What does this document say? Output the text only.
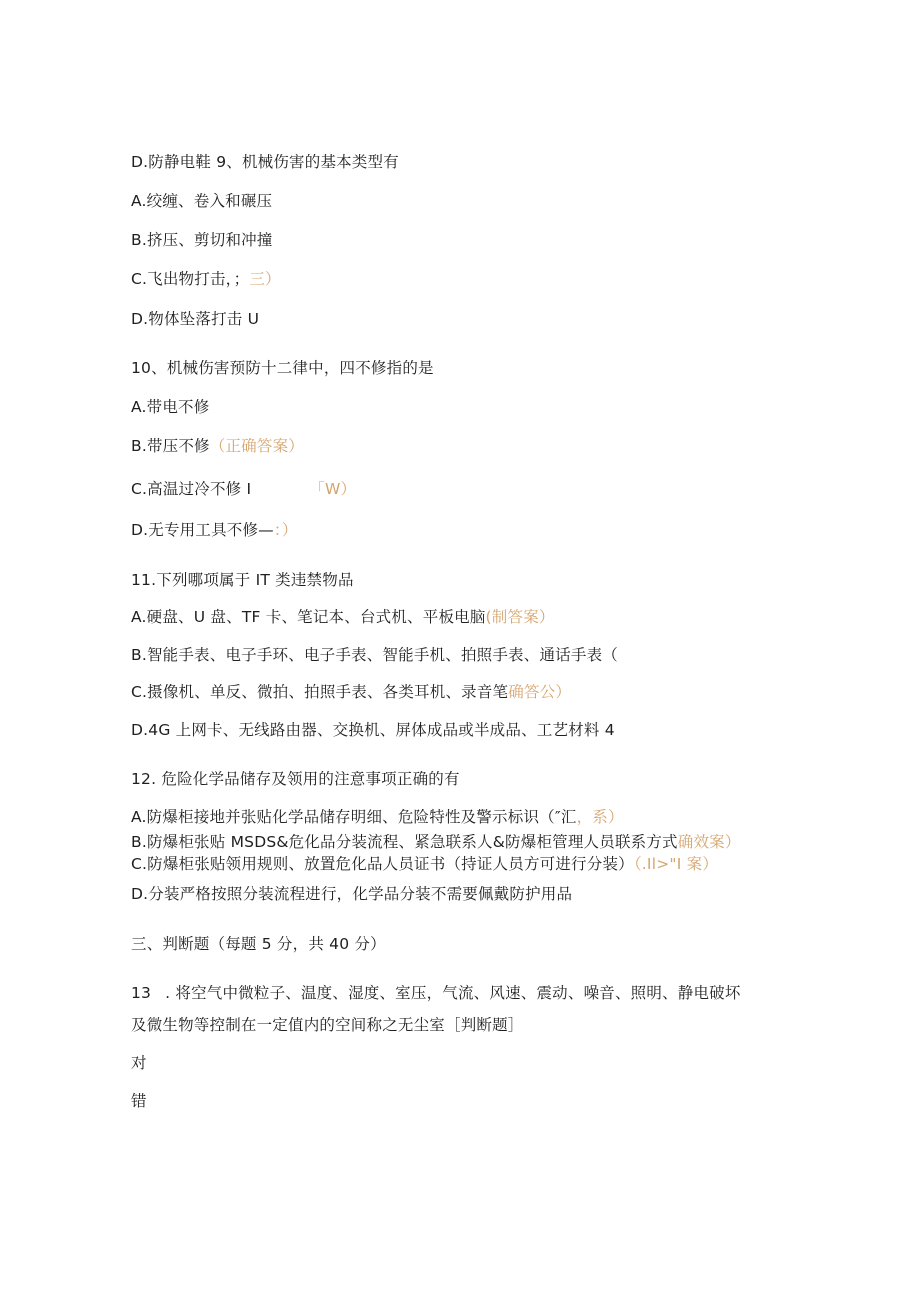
D.防静电鞋 9、机械伤害的基本类型有
A.绞缠、卷入和碾压
B.挤压、剪切和冲撞
C.飞出物打击，；三）
D.物体坠落打击 U
10、机械伤害预防十二律中，四不修指的是
A.带电不修
B.带压不修（正确答案）
C.高温过冷不修 I	「W）
D.无专用工具不修—：）
11.下列哪项属于 IT 类违禁物品
A.硬盘、U 盘、TF 卡、笔记本、台式机、平板电脑(制答案）
B.智能手表、电子手环、电子手表、智能手机、拍照手表、通话手表（
C.摄像机、单反、微拍、拍照手表、各类耳机、录音笔确答公）
D.4G 上网卡、无线路由器、交换机、屏体成品或半成品、工艺材料 4
12. 危险化学品储存及领用的注意事项正确的有
A.防爆柜接地并张贴化学品储存明细、危险特性及警示标识（″汇，系）
B.防爆柜张贴 MSDS&危化品分装流程、紧急联系人&防爆柜管理人员联系方式确效案）
C.防爆柜张贴领用规则、放置危化品人员证书（持证人员方可进行分装）（.Il>"I 案）
D.分装严格按照分装流程进行，化学品分装不需要佩戴防护用品
三、判断题（每题 5 分，共 40 分）
13 . 将空气中微粒子、温度、湿度、室压，气流、风速、震动、噪音、照明、静电破坏
及微生物等控制在一定值内的空间称之无尘室［判断题］
对
错
